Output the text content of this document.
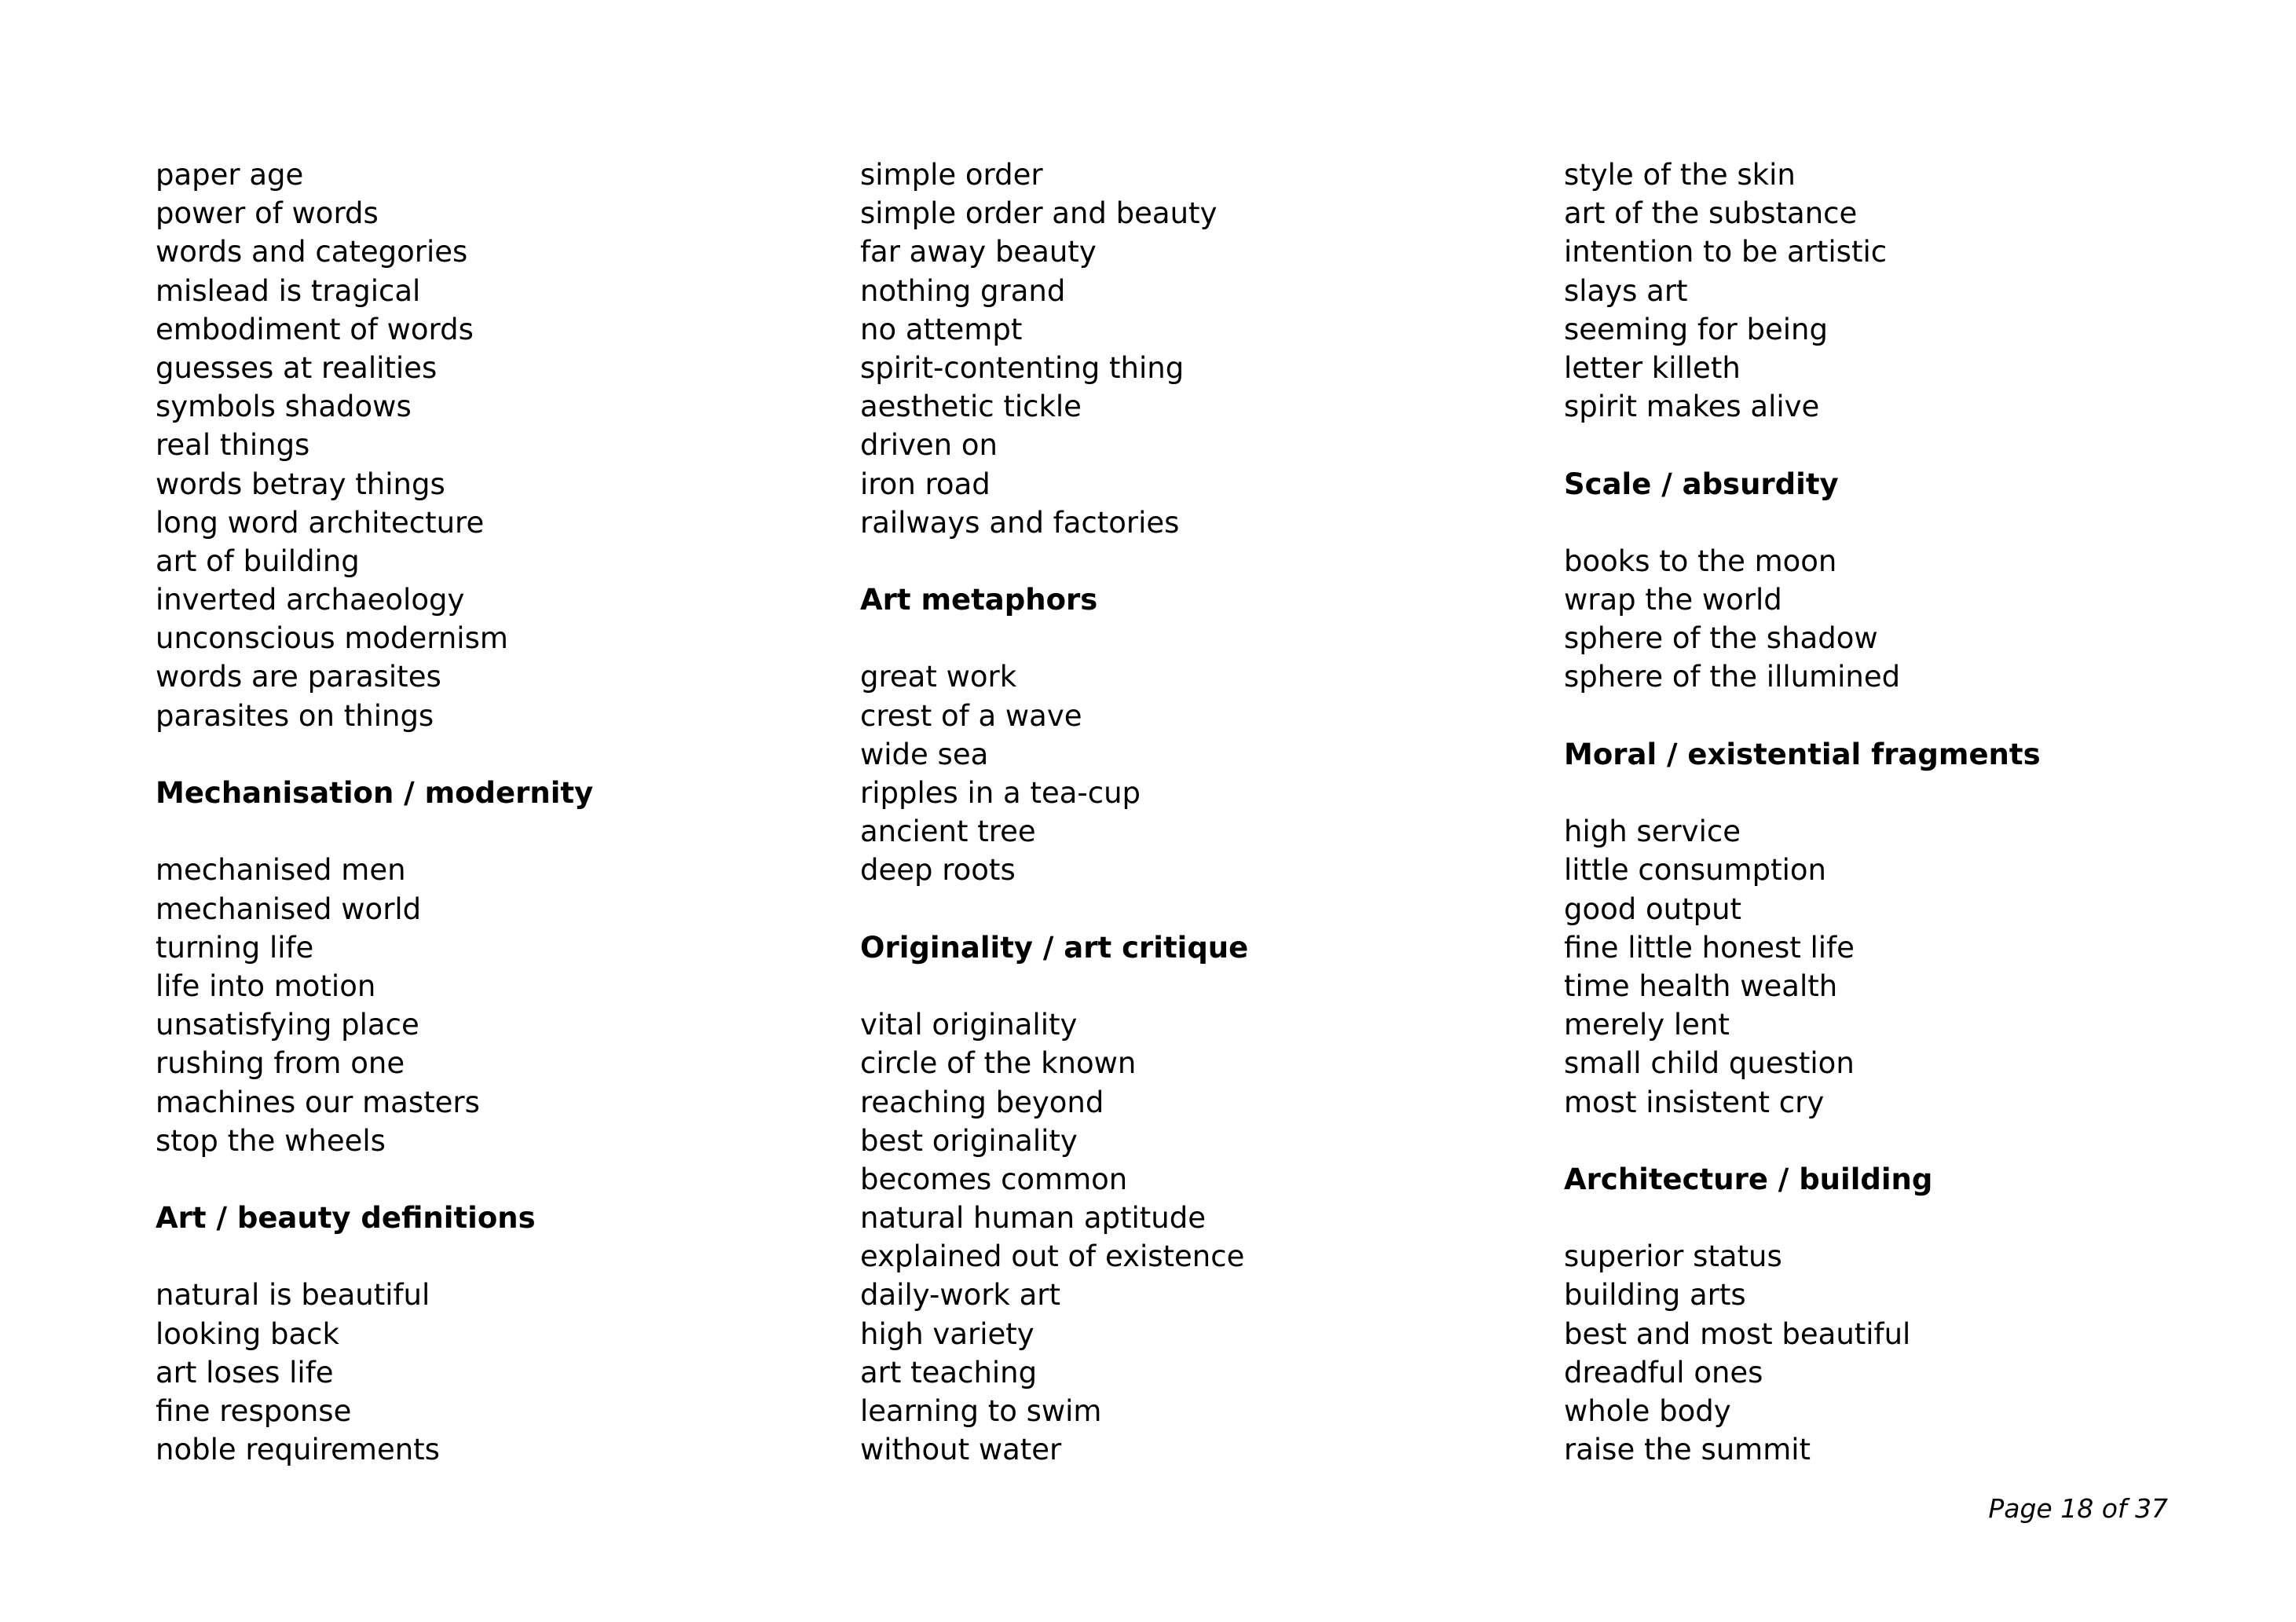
paper age
power of words
words and categories
mislead is tragical
embodiment of words
guesses at realities
symbols shadows
real things
words betray things
long word architecture
art of building
inverted archaeology
unconscious modernism
words are parasites
parasites on things
Mechanisation / modernity
mechanised men
mechanised world
turning life
life into motion
unsatisfying place
rushing from one
machines our masters
stop the wheels
Art / beauty definitions
natural is beautiful
looking back
art loses life
fine response
noble requirements
simple order
simple order and beauty
far away beauty
nothing grand
no attempt
spirit-contenting thing
aesthetic tickle
driven on
iron road
railways and factories
Art metaphors
great work
crest of a wave
wide sea
ripples in a tea-cup
ancient tree
deep roots
Originality / art critique
vital originality
circle of the known
reaching beyond
best originality
becomes common
natural human aptitude
explained out of existence
daily-work art
high variety
art teaching
learning to swim
without water
style of the skin
art of the substance
intention to be artistic
slays art
seeming for being
letter killeth
spirit makes alive
Scale / absurdity
books to the moon
wrap the world
sphere of the shadow
sphere of the illumined
Moral / existential fragments
high service
little consumption
good output
fine little honest life
time health wealth
merely lent
small child question
most insistent cry
Architecture / building
superior status
building arts
best and most beautiful
dreadful ones
whole body
raise the summit
Page 18 of 37
